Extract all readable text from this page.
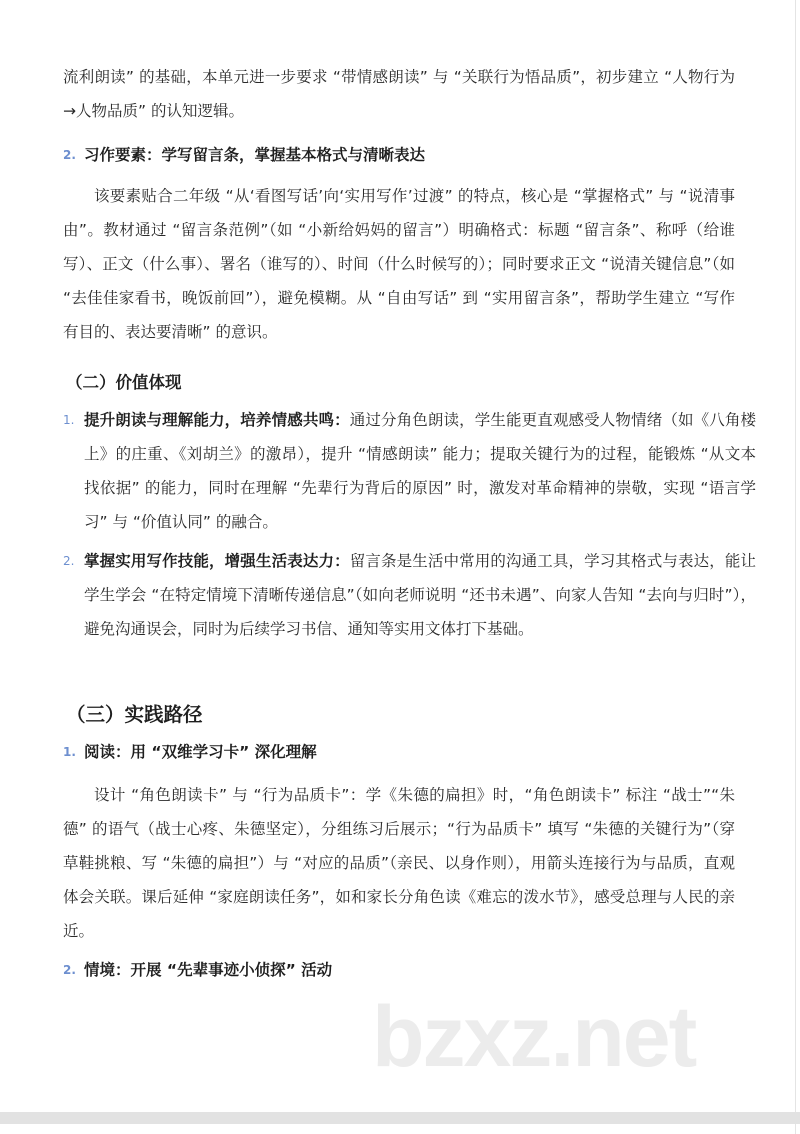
流利朗读” 的基础，本单元进一步要求 “带情感朗读” 与 “关联行为悟品质”，初步建立 “人物行为→人物品质” 的认知逻辑。
2. 习作要素：学写留言条，掌握基本格式与清晰表达
该要素贴合二年级 “从‘看图写话’向‘实用写作’过渡” 的特点，核心是 “掌握格式” 与 “说清事由”。教材通过 “留言条范例”（如 “小新给妈妈的留言”）明确格式：标题 “留言条”、称呼（给谁写）、正文（什么事）、署名（谁写的）、时间（什么时候写的）；同时要求正文 “说清关键信息”（如 “去佳佳家看书，晚饭前回”），避免模糊。从 “自由写话” 到 “实用留言条”，帮助学生建立 “写作有目的、表达要清晰” 的意识。
（二）价值体现
1. 提升朗读与理解能力，培养情感共鸣：通过分角色朗读，学生能更直观感受人物情绪（如《八角楼上》的庄重、《刘胡兰》的激昂），提升 “情感朗读” 能力；提取关键行为的过程，能锻炼 “从文本找依据” 的能力，同时在理解 “先辈行为背后的原因” 时，激发对革命精神的崇敬，实现 “语言学习” 与 “价值认同” 的融合。
2. 掌握实用写作技能，增强生活表达力：留言条是生活中常用的沟通工具，学习其格式与表达，能让学生学会 “在特定情境下清晰传递信息”（如向老师说明 “还书未遇”、向家人告知 “去向与归时”），避免沟通误会，同时为后续学习书信、通知等实用文体打下基础。
（三）实践路径
1. 阅读：用 “双维学习卡” 深化理解
设计 “角色朗读卡” 与 “行为品质卡”：学《朱德的扁担》时，“角色朗读卡” 标注 “战士”“朱德” 的语气（战士心疼、朱德坚定），分组练习后展示；“行为品质卡” 填写 “朱德的关键行为”（穿草鞋挑粮、写 “朱德的扁担”）与 “对应的品质”（亲民、以身作则），用箭头连接行为与品质，直观体会关联。课后延伸 “家庭朗读任务”，如和家长分角色读《难忘的泼水节》，感受总理与人民的亲近。
2. 情境：开展 “先辈事迹小侦探” 活动
bzxz.net
